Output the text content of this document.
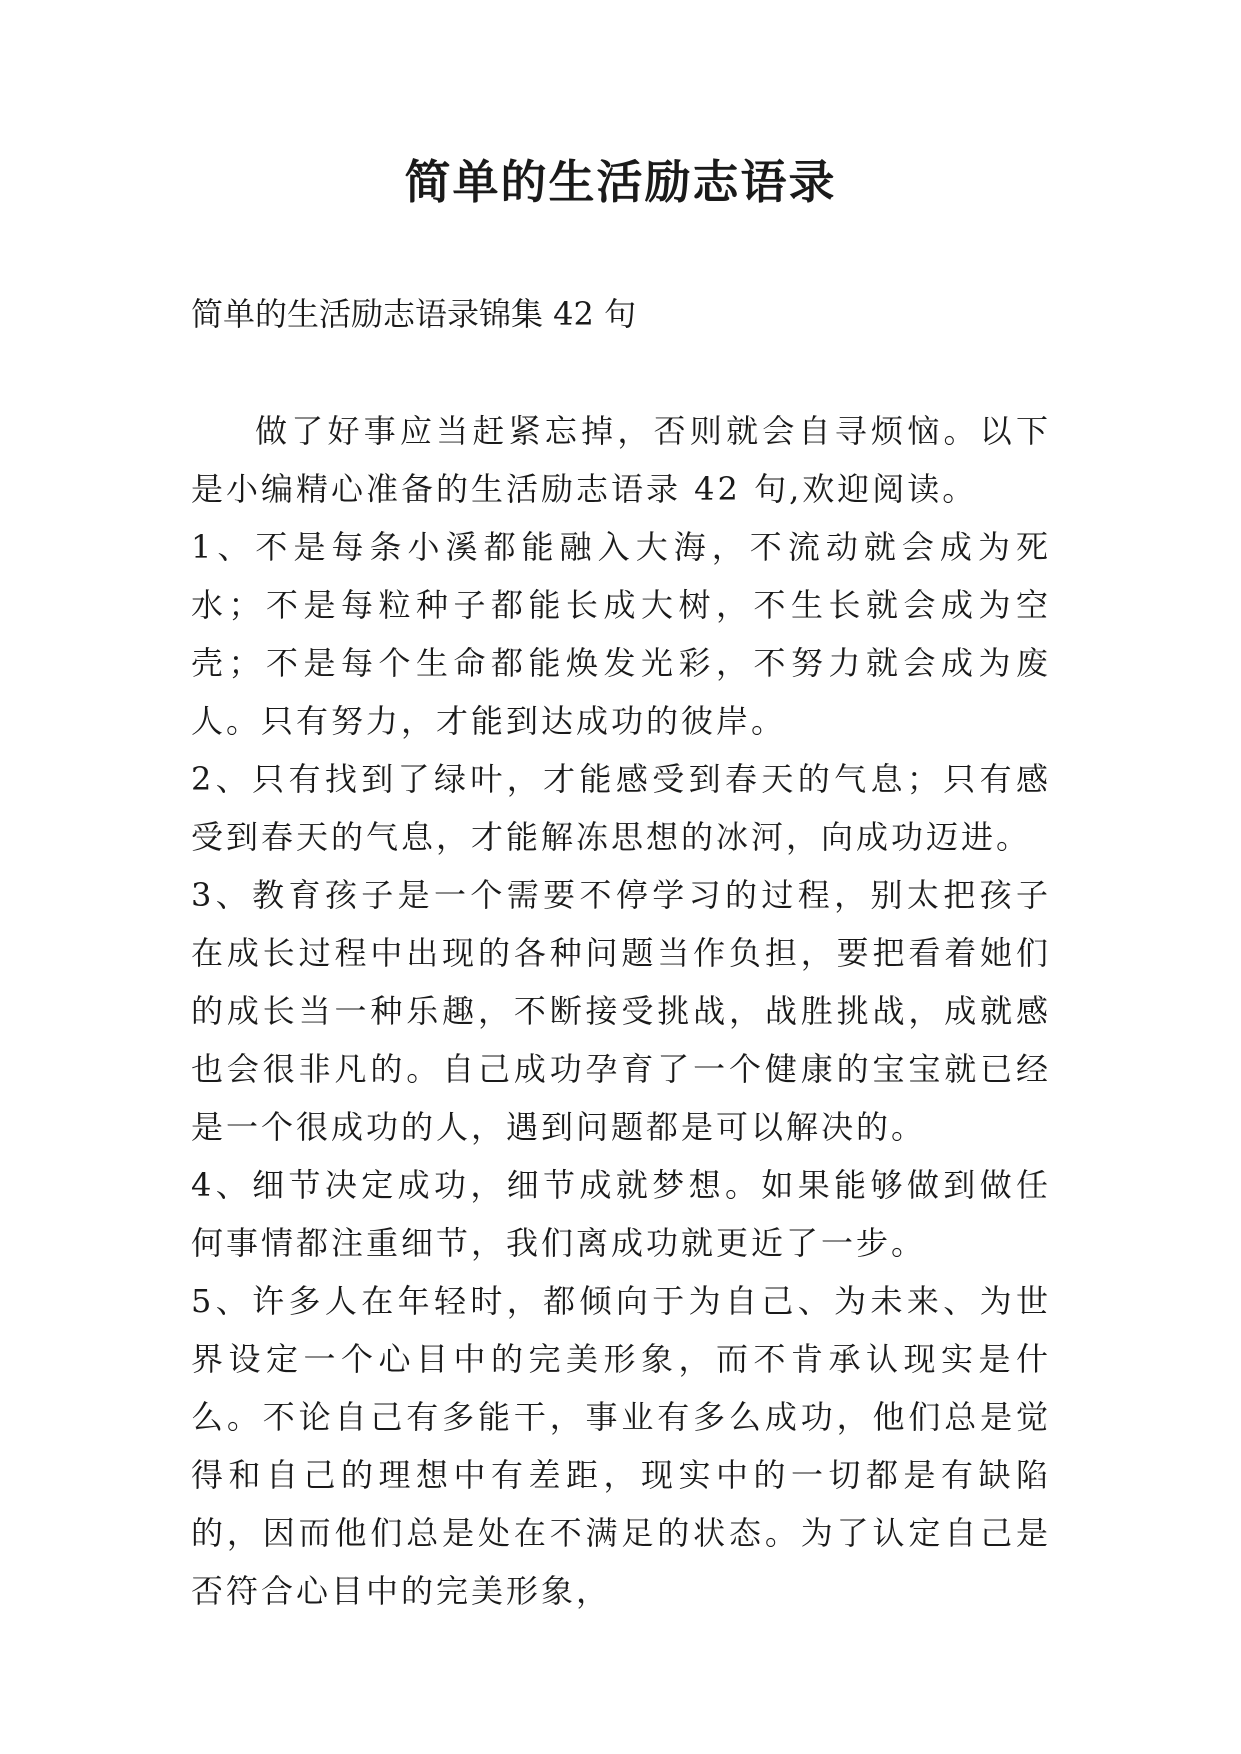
简单的生活励志语录

简单的生活励志语录锦集 42 句

做了好事应当赶紧忘掉，否则就会自寻烦恼。以下是小编精心准备的生活励志语录 42 句,欢迎阅读。

1、不是每条小溪都能融入大海，不流动就会成为死水；不是每粒种子都能长成大树，不生长就会成为空壳；不是每个生命都能焕发光彩，不努力就会成为废人。只有努力，才能到达成功的彼岸。

2、只有找到了绿叶，才能感受到春天的气息；只有感受到春天的气息，才能解冻思想的冰河，向成功迈进。

3、教育孩子是一个需要不停学习的过程，别太把孩子在成长过程中出现的各种问题当作负担，要把看着她们的成长当一种乐趣，不断接受挑战，战胜挑战，成就感也会很非凡的。自己成功孕育了一个健康的宝宝就已经是一个很成功的人，遇到问题都是可以解决的。

4、细节决定成功，细节成就梦想。如果能够做到做任何事情都注重细节，我们离成功就更近了一步。

5、许多人在年轻时，都倾向于为自己、为未来、为世界设定一个心目中的完美形象，而不肯承认现实是什么。不论自己有多能干，事业有多么成功，他们总是觉得和自己的理想中有差距，现实中的一切都是有缺陷的，因而他们总是处在不满足的状态。为了认定自己是否符合心目中的完美形象，
